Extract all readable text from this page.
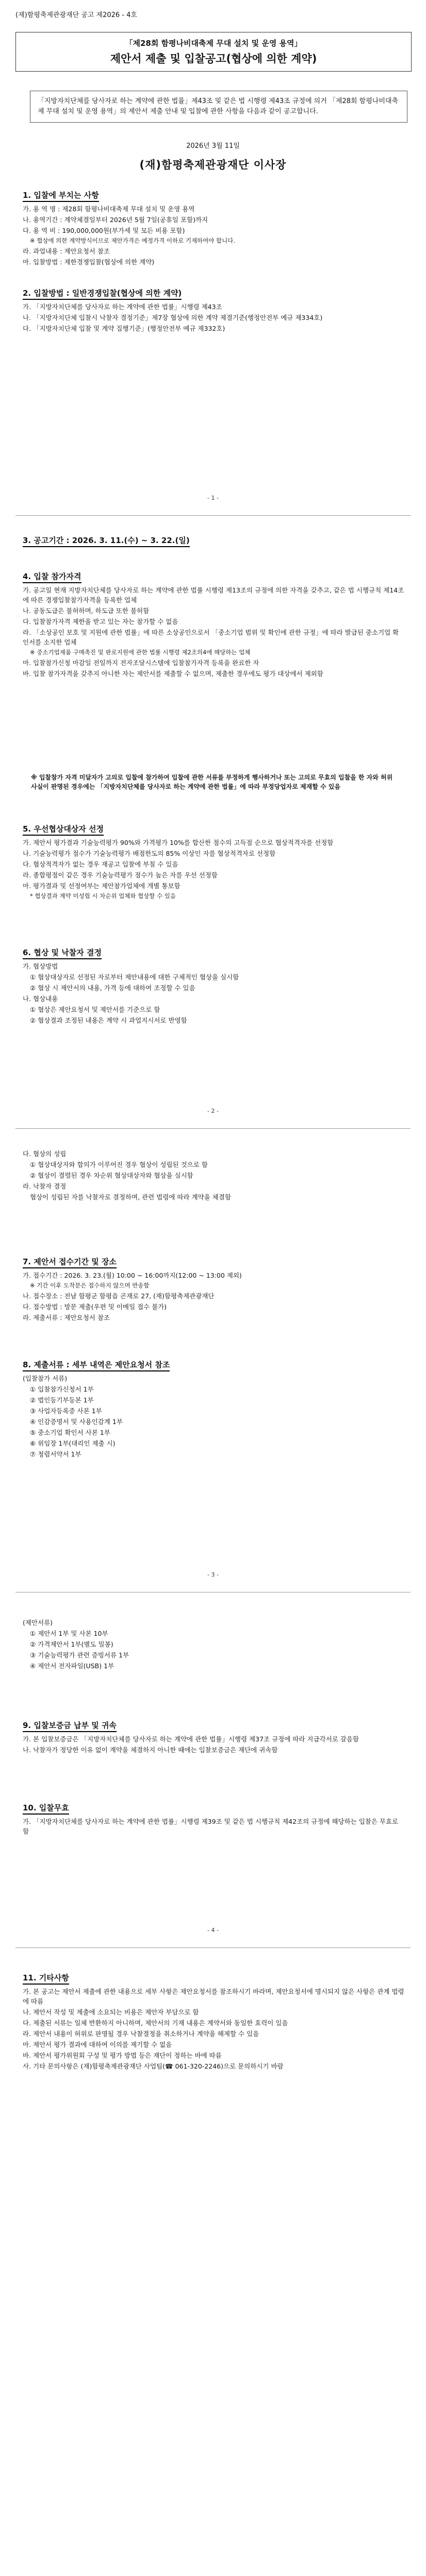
(재)함평축제관광재단 공고 제2026 - 4호
「제28회 함평나비대축제 무대 설치 및 운영 용역」
제안서 제출 및 입찰공고(협상에 의한 계약)
「지방자치단체를 당사자로 하는 계약에 관한 법률」제43조 및 같은 법 시행령 제43조 규정에 의거 「제28회 함평나비대축제 무대 설치 및 운영 용역」의 제안서 제출 안내 및 입찰에 관한 사항을 다음과 같이 공고합니다.
2026년 3월 11일
(재)함평축제관광재단 이사장
1. 입찰에 부치는 사항

가. 용 역 명 : 제28회 함평나비대축제 무대 설치 및 운영 용역

나. 용역기간 : 계약체결일부터 2026년 5월 7일(공휴일 포함)까지

다. 용 역 비 : 190,000,000원(부가세 및 모든 비용 포함)

※ 협상에 의한 계약방식이므로 제안가격은 예정가격 이하로 기재하여야 합니다.

라. 과업내용 : 제안요청서 참조

마. 입찰방법 : 제한경쟁입찰(협상에 의한 계약)

2. 입찰방법 : 일반경쟁입찰(협상에 의한 계약)

가. 「지방자치단체를 당사자로 하는 계약에 관한 법률」시행령 제43조

나. 「지방자치단체 입찰시 낙찰자 결정기준」제7장 협상에 의한 계약 제결기준(행정안전부 예규 제334호)

다. 「지방자치단체 입찰 및 계약 집행기준」(행정안전부 예규 제332호)

- 1 -
3. 공고기간 : 2026. 3. 11.(수) ~ 3. 22.(일)
4. 입찰 참가자격

가. 공고일 현재 지방자치단체를 당사자로 하는 계약에 관한 법률 시행령 제13조의 규정에 의한 자격을 갖추고, 같은 법 시행규칙 제14조에 따른 경쟁입찰참가자격을 등록한 업체

나. 공동도급은 불허하며, 하도급 또한 불허함

다. 입찰참가자격 제한을 받고 있는 자는 참가할 수 없음

라. 「소상공인 보호 및 지원에 관한 법률」에 따른 소상공인으로서 「중소기업 범위 및 확인에 관한 규정」에 따라 발급된 중소기업 확인서를 소지한 업체

※ 중소기업제품 구매촉진 및 판로지원에 관한 법률 시행령 제2조의4에 해당하는 업체

마. 입찰참가신청 마감일 전일까지 전자조달시스템에 입찰참가자격 등록을 완료한 자

바. 입찰 참가자격을 갖추지 아니한 자는 제안서를 제출할 수 없으며, 제출한 경우에도 평가 대상에서 제외함

※ 입찰참가 자격 미달자가 고의로 입찰에 참가하여 입찰에 관한 서류를 부정하게 행사하거나 또는 고의로 무효의 입찰을 한 자와 허위사실이 판명된 경우에는 「지방자치단체를 당사자로 하는 계약에 관한 법률」에 따라 부정당업자로 제재할 수 있음
5. 우선협상대상자 선정

가. 제안서 평가결과 기술능력평가 90%와 가격평가 10%를 합산한 점수의 고득점 순으로 협상적격자를 선정함

나. 기술능력평가 점수가 기술능력평가 배점한도의 85% 이상인 자를 협상적격자로 선정함

다. 협상적격자가 없는 경우 재공고 입찰에 부칠 수 있음

라. 종합평점이 같은 경우 기술능력평가 점수가 높은 자를 우선 선정함

마. 평가결과 및 선정여부는 제안참가업체에 개별 통보함

* 협상결과 계약 미성립 시 차순위 업체와 협상할 수 있음

6. 협상 및 낙찰자 결정

가. 협상방법

① 협상대상자로 선정된 자로부터 제안내용에 대한 구체적인 협상을 실시함

② 협상 시 제안서의 내용, 가격 등에 대하여 조정할 수 있음

나. 협상내용

① 협상은 제안요청서 및 제안서를 기준으로 함

② 협상결과 조정된 내용은 계약 시 과업지시서로 반영함

- 2 -

다. 협상의 성립

① 협상대상자와 합의가 이루어진 경우 협상이 성립된 것으로 함

② 협상이 결렬된 경우 차순위 협상대상자와 협상을 실시함

라. 낙찰자 결정

협상이 성립된 자를 낙찰자로 결정하며, 관련 법령에 따라 계약을 체결함

7. 제안서 접수기간 및 장소

가. 접수기간 : 2026. 3. 23.(월) 10:00 ~ 16:00까지(12:00 ~ 13:00 제외)

※ 기간 이후 도착분은 접수하지 않으며 반송함

나. 접수장소 : 전남 함평군 함평읍 곤재로 27, (재)함평축제관광재단

다. 접수방법 : 방문 제출(우편 및 이메일 접수 불가)

라. 제출서류 : 제안요청서 참조

8. 제출서류 : 세부 내역은 제안요청서 참조

(입찰참가 서류)

① 입찰참가신청서 1부

② 법인등기부등본 1부

③ 사업자등록증 사본 1부

④ 인감증명서 및 사용인감계 1부

⑤ 중소기업 확인서 사본 1부

⑥ 위임장 1부(대리인 제출 시)

⑦ 청렴서약서 1부

- 3 -

(제안서류)

① 제안서 1부 및 사본 10부

② 가격제안서 1부(별도 밀봉)

③ 기술능력평가 관련 증빙서류 1부

④ 제안서 전자파일(USB) 1부

9. 입찰보증금 납부 및 귀속

가. 본 입찰보증금은 「지방자치단체를 당사자로 하는 계약에 관한 법률」시행령 제37조 규정에 따라 지급각서로 갈음함

나. 낙찰자가 정당한 이유 없이 계약을 체결하지 아니한 때에는 입찰보증금은 재단에 귀속함

10. 입찰무효

가. 「지방자치단체를 당사자로 하는 계약에 관한 법률」시행령 제39조 및 같은 법 시행규칙 제42조의 규정에 해당하는 입찰은 무효로 함

- 4 -
11. 기타사항

가. 본 공고는 제안서 제출에 관한 내용으로 세부 사항은 제안요청서를 참조하시기 바라며, 제안요청서에 명시되지 않은 사항은 관계 법령에 따름

나. 제안서 작성 및 제출에 소요되는 비용은 제안자 부담으로 함

다. 제출된 서류는 일체 반환하지 아니하며, 제안서의 기재 내용은 계약서와 동일한 효력이 있음

라. 제안서 내용이 허위로 판명될 경우 낙찰결정을 취소하거나 계약을 해제할 수 있음

마. 제안서 평가 결과에 대하여 이의를 제기할 수 없음

바. 제안서 평가위원회 구성 및 평가 방법 등은 재단이 정하는 바에 따름

사. 기타 문의사항은 (재)함평축제관광재단 사업팀(☎ 061-320-2246)으로 문의하시기 바람
